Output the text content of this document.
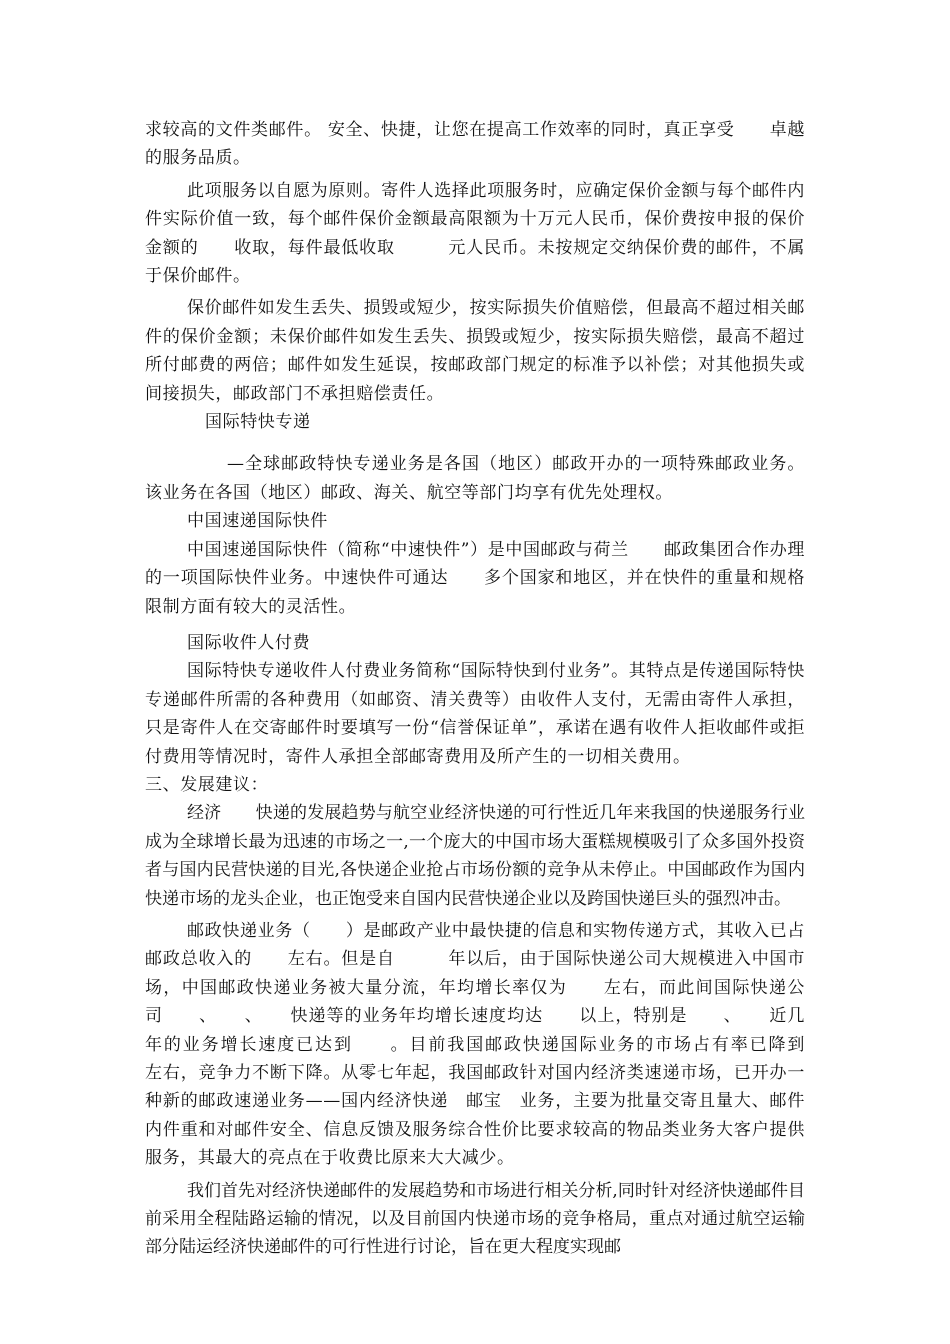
求较高的文件类邮件。 安全、快捷，让您在提高工作效率的同时，真正享受　　卓越的服务品质。

此项服务以自愿为原则。寄件人选择此项服务时，应确定保价金额与每个邮件内件实际价值一致，每个邮件保价金额最高限额为十万元人民币，保价费按申报的保价金额的　　收取，每件最低收取　　　元人民币。未按规定交纳保价费的邮件，不属于保价邮件。

保价邮件如发生丢失、损毁或短少，按实际损失价值赔偿，但最高不超过相关邮件的保价金额；未保价邮件如发生丢失、损毁或短少，按实际损失赔偿，最高不超过所付邮费的两倍；邮件如发生延误，按邮政部门规定的标准予以补偿；对其他损失或间接损失，邮政部门不承担赔偿责任。

国际特快专递

—全球邮政特快专递业务是各国（地区）邮政开办的一项特殊邮政业务。该业务在各国（地区）邮政、海关、航空等部门均享有优先处理权。

中国速递国际快件

中国速递国际快件（简称“中速快件”）是中国邮政与荷兰　　邮政集团合作办理的一项国际快件业务。中速快件可通达　　多个国家和地区，并在快件的重量和规格限制方面有较大的灵活性。

国际收件人付费

国际特快专递收件人付费业务简称“国际特快到付业务”。其特点是传递国际特快专递邮件所需的各种费用（如邮资、清关费等）由收件人支付，无需由寄件人承担，只是寄件人在交寄邮件时要填写一份“信誉保证单”，承诺在遇有收件人拒收邮件或拒付费用等情况时，寄件人承担全部邮寄费用及所产生的一切相关费用。

三、发展建议：

经济　　快递的发展趋势与航空业经济快递的可行性近几年来我国的快递服务行业成为全球增长最为迅速的市场之一,一个庞大的中国市场大蛋糕规模吸引了众多国外投资者与国内民营快递的目光,各快递企业抢占市场份额的竞争从未停止。中国邮政作为国内快递市场的龙头企业，也正饱受来自国内民营快递企业以及跨国快递巨头的强烈冲击。

邮政快递业务（　　）是邮政产业中最快捷的信息和实物传递方式，其收入已占邮政总收入的　　左右。但是自　　　年以后，由于国际快递公司大规模进入中国市场，中国邮政快递业务被大量分流，年均增长率仅为　　左右，而此间国际快递公司　　、　　、　　快递等的业务年均增长速度均达　　以上，特别是　　、　　近几年的业务增长速度已达到　　。目前我国邮政快递国际业务的市场占有率已降到　　左右，竞争力不断下降。从零七年起，我国邮政针对国内经济类速递市场，已开办一种新的邮政速递业务——国内经济快递　邮宝　业务，主要为批量交寄且量大、邮件内件重和对邮件安全、信息反馈及服务综合性价比要求较高的物品类业务大客户提供服务，其最大的亮点在于收费比原来大大减少。

我们首先对经济快递邮件的发展趋势和市场进行相关分析,同时针对经济快递邮件目前采用全程陆路运输的情况，以及目前国内快递市场的竞争格局，重点对通过航空运输部分陆运经济快递邮件的可行性进行讨论，旨在更大程度实现邮
